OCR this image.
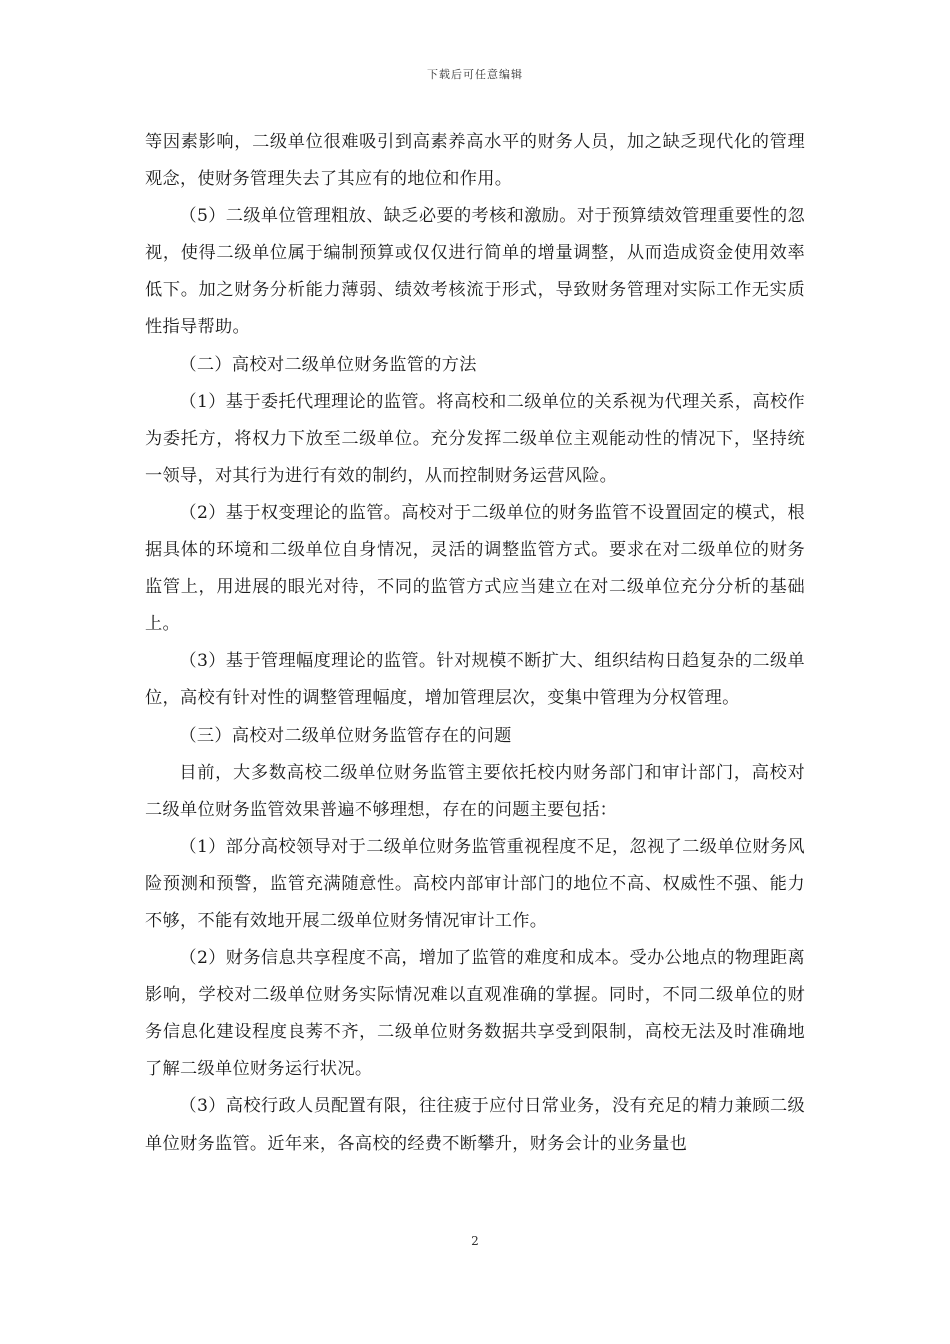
下载后可任意编辑

等因素影响，二级单位很难吸引到高素养高水平的财务人员，加之缺乏现代化的管理观念，使财务管理失去了其应有的地位和作用。

（5）二级单位管理粗放、缺乏必要的考核和激励。对于预算绩效管理重要性的忽视，使得二级单位属于编制预算或仅仅进行简单的增量调整，从而造成资金使用效率低下。加之财务分析能力薄弱、绩效考核流于形式，导致财务管理对实际工作无实质性指导帮助。

（二）高校对二级单位财务监管的方法

（1）基于委托代理理论的监管。将高校和二级单位的关系视为代理关系，高校作为委托方，将权力下放至二级单位。充分发挥二级单位主观能动性的情况下，坚持统一领导，对其行为进行有效的制约，从而控制财务运营风险。

（2）基于权变理论的监管。高校对于二级单位的财务监管不设置固定的模式，根据具体的环境和二级单位自身情况，灵活的调整监管方式。要求在对二级单位的财务监管上，用进展的眼光对待，不同的监管方式应当建立在对二级单位充分分析的基础上。

（3）基于管理幅度理论的监管。针对规模不断扩大、组织结构日趋复杂的二级单位，高校有针对性的调整管理幅度，增加管理层次，变集中管理为分权管理。

（三）高校对二级单位财务监管存在的问题

目前，大多数高校二级单位财务监管主要依托校内财务部门和审计部门，高校对二级单位财务监管效果普遍不够理想，存在的问题主要包括：

（1）部分高校领导对于二级单位财务监管重视程度不足，忽视了二级单位财务风险预测和预警，监管充满随意性。高校内部审计部门的地位不高、权威性不强、能力不够，不能有效地开展二级单位财务情况审计工作。

（2）财务信息共享程度不高，增加了监管的难度和成本。受办公地点的物理距离影响，学校对二级单位财务实际情况难以直观准确的掌握。同时，不同二级单位的财务信息化建设程度良莠不齐，二级单位财务数据共享受到限制，高校无法及时准确地了解二级单位财务运行状况。

（3）高校行政人员配置有限，往往疲于应付日常业务，没有充足的精力兼顾二级单位财务监管。近年来，各高校的经费不断攀升，财务会计的业务量也

2
